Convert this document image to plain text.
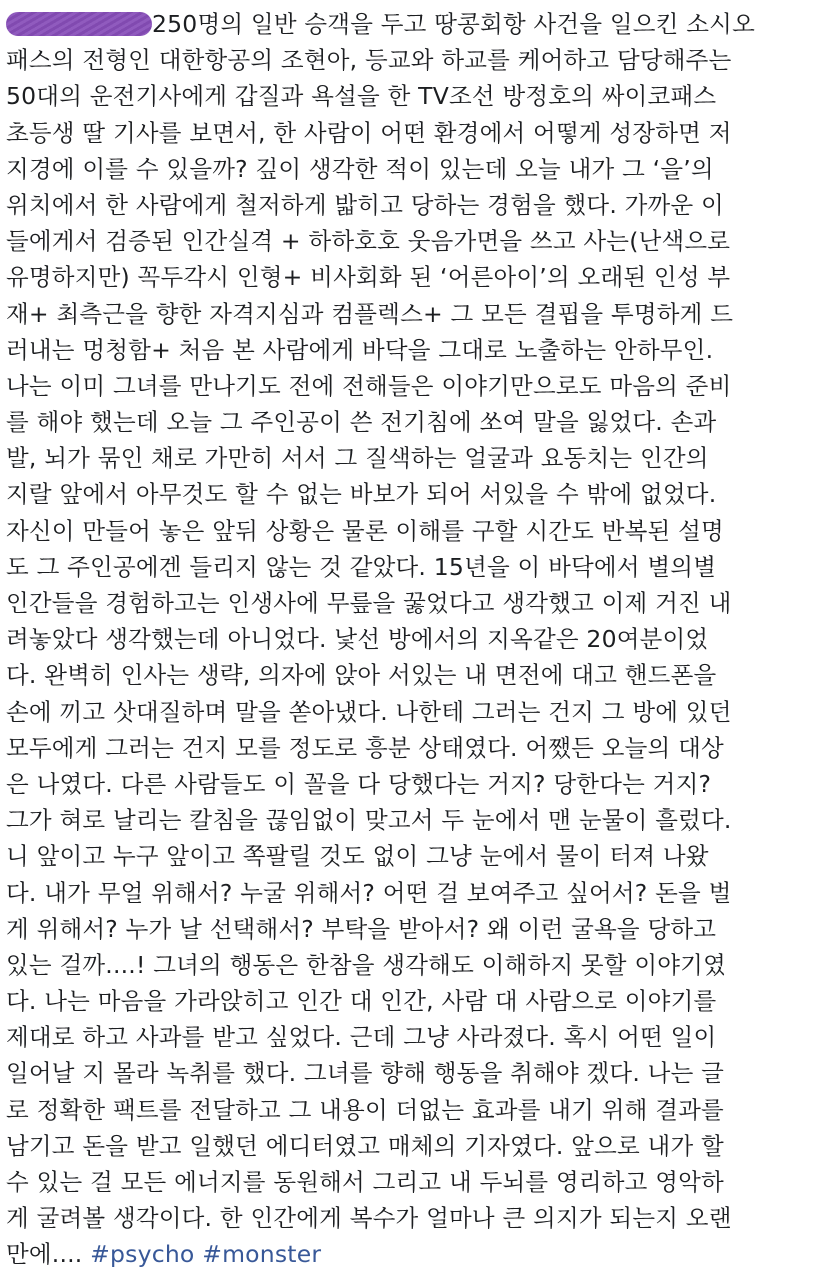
250명의 일반 승객을 두고 땅콩회항 사건을 일으킨 소시오
패스의 전형인 대한항공의 조현아, 등교와 하교를 케어하고 담당해주는
50대의 운전기사에게 갑질과 욕설을 한 TV조선 방정호의 싸이코패스
초등생 딸 기사를 보면서, 한 사람이 어떤 환경에서 어떻게 성장하면 저
지경에 이를 수 있을까? 깊이 생각한 적이 있는데 오늘 내가 그 ‘을’의
위치에서 한 사람에게 철저하게 밟히고 당하는 경험을 했다. 가까운 이
들에게서 검증된 인간실격 + 하하호호 웃음가면을 쓰고 사는(난색으로
유명하지만) 꼭두각시 인형+ 비사회화 된 ‘어른아이’의 오래된 인성 부
재+ 최측근을 향한 자격지심과 컴플렉스+ 그 모든 결핍을 투명하게 드
러내는 멍청함+ 처음 본 사람에게 바닥을 그대로 노출하는 안하무인.
나는 이미 그녀를 만나기도 전에 전해들은 이야기만으로도 마음의 준비
를 해야 했는데 오늘 그 주인공이 쓴 전기침에 쏘여 말을 잃었다. 손과
발, 뇌가 묶인 채로 가만히 서서 그 질색하는 얼굴과 요동치는 인간의
지랄 앞에서 아무것도 할 수 없는 바보가 되어 서있을 수 밖에 없었다.
자신이 만들어 놓은 앞뒤 상황은 물론 이해를 구할 시간도 반복된 설명
도 그 주인공에겐 들리지 않는 것 같았다. 15년을 이 바닥에서 별의별
인간들을 경험하고는 인생사에 무릎을 꿇었다고 생각했고 이제 거진 내
려놓았다 생각했는데 아니었다. 낯선 방에서의 지옥같은 20여분이었
다. 완벽히 인사는 생략, 의자에 앉아 서있는 내 면전에 대고 핸드폰을
손에 끼고 삿대질하며 말을 쏟아냈다. 나한테 그러는 건지 그 방에 있던
모두에게 그러는 건지 모를 정도로 흥분 상태였다. 어쨌든 오늘의 대상
은 나였다. 다른 사람들도 이 꼴을 다 당했다는 거지? 당한다는 거지?
그가 혀로 날리는 칼침을 끊임없이 맞고서 두 눈에서 맨 눈물이 흘렀다.
니 앞이고 누구 앞이고 쪽팔릴 것도 없이 그냥 눈에서 물이 터져 나왔
다. 내가 무얼 위해서? 누굴 위해서? 어떤 걸 보여주고 싶어서? 돈을 벌
게 위해서? 누가 날 선택해서? 부탁을 받아서? 왜 이런 굴욕을 당하고
있는 걸까....! 그녀의 행동은 한참을 생각해도 이해하지 못할 이야기였
다. 나는 마음을 가라앉히고 인간 대 인간, 사람 대 사람으로 이야기를
제대로 하고 사과를 받고 싶었다. 근데 그냥 사라졌다. 혹시 어떤 일이
일어날 지 몰라 녹취를 했다. 그녀를 향해 행동을 취해야 겠다. 나는 글
로 정확한 팩트를 전달하고 그 내용이 더없는 효과를 내기 위해 결과를
남기고 돈을 받고 일했던 에디터였고 매체의 기자였다. 앞으로 내가 할
수 있는 걸 모든 에너지를 동원해서 그리고 내 두뇌를 영리하고 영악하
게 굴려볼 생각이다. 한 인간에게 복수가 얼마나 큰 의지가 되는지 오랜
만에.... #psycho #monster
